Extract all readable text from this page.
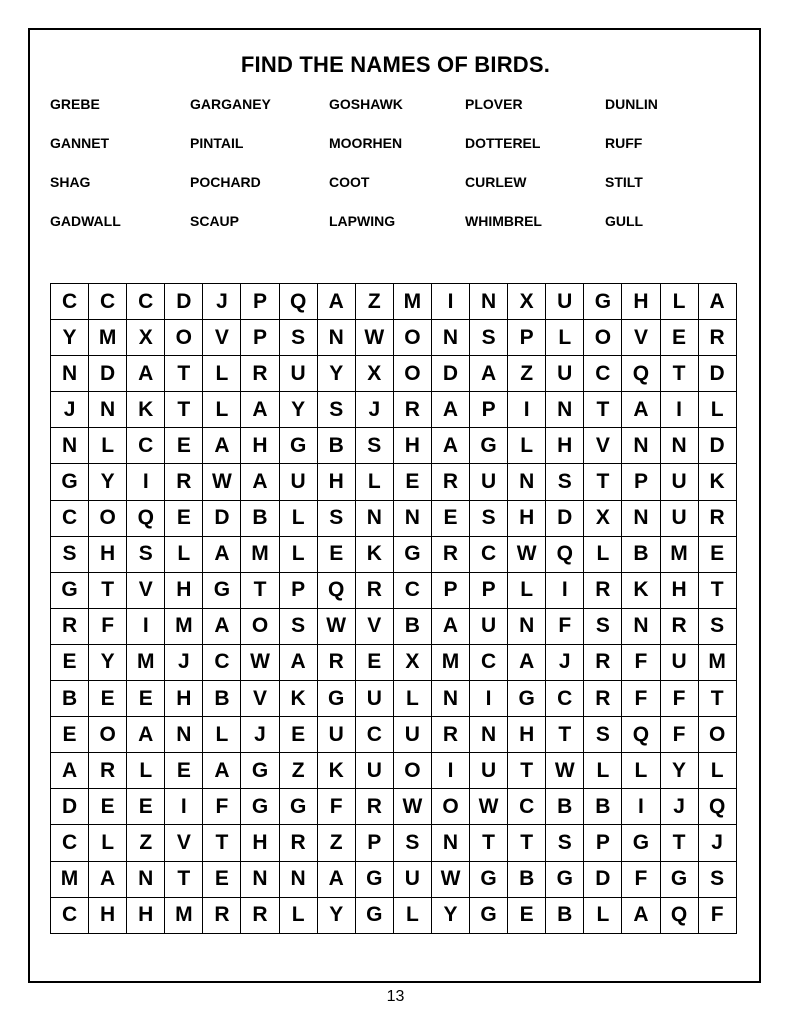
FIND THE NAMES OF BIRDS.
GREBE
GANNET
SHAG
GADWALL
GARGANEY
PINTAIL
POCHARD
SCAUP
GOSHAWK
MOORHEN
COOT
LAPWING
PLOVER
DOTTEREL
CURLEW
WHIMBREL
DUNLIN
RUFF
STILT
GULL
C	C	C	D	J	P	Q	A	Z	M	I	N	X	U	G	H	L	A
Y	M	X	O	V	P	S	N	W	O	N	S	P	L	O	V	E	R
N	D	A	T	L	R	U	Y	X	O	D	A	Z	U	C	Q	T	D
J	N	K	T	L	A	Y	S	J	R	A	P	I	N	T	A	I	L
N	L	C	E	A	H	G	B	S	H	A	G	L	H	V	N	N	D
G	Y	I	R	W	A	U	H	L	E	R	U	N	S	T	P	U	K
C	O	Q	E	D	B	L	S	N	N	E	S	H	D	X	N	U	R
S	H	S	L	A	M	L	E	K	G	R	C	W	Q	L	B	M	E
G	T	V	H	G	T	P	Q	R	C	P	P	L	I	R	K	H	T
R	F	I	M	A	O	S	W	V	B	A	U	N	F	S	N	R	S
E	Y	M	J	C	W	A	R	E	X	M	C	A	J	R	F	U	M
B	E	E	H	B	V	K	G	U	L	N	I	G	C	R	F	F	T
E	O	A	N	L	J	E	U	C	U	R	N	H	T	S	Q	F	O
A	R	L	E	A	G	Z	K	U	O	I	U	T	W	L	L	Y	L
D	E	E	I	F	G	G	F	R	W	O	W	C	B	B	I	J	Q
C	L	Z	V	T	H	R	Z	P	S	N	T	T	S	P	G	T	J
M	A	N	T	E	N	N	A	G	U	W	G	B	G	D	F	G	S
C	H	H	M	R	R	L	Y	G	L	Y	G	E	B	L	A	Q	F
13
